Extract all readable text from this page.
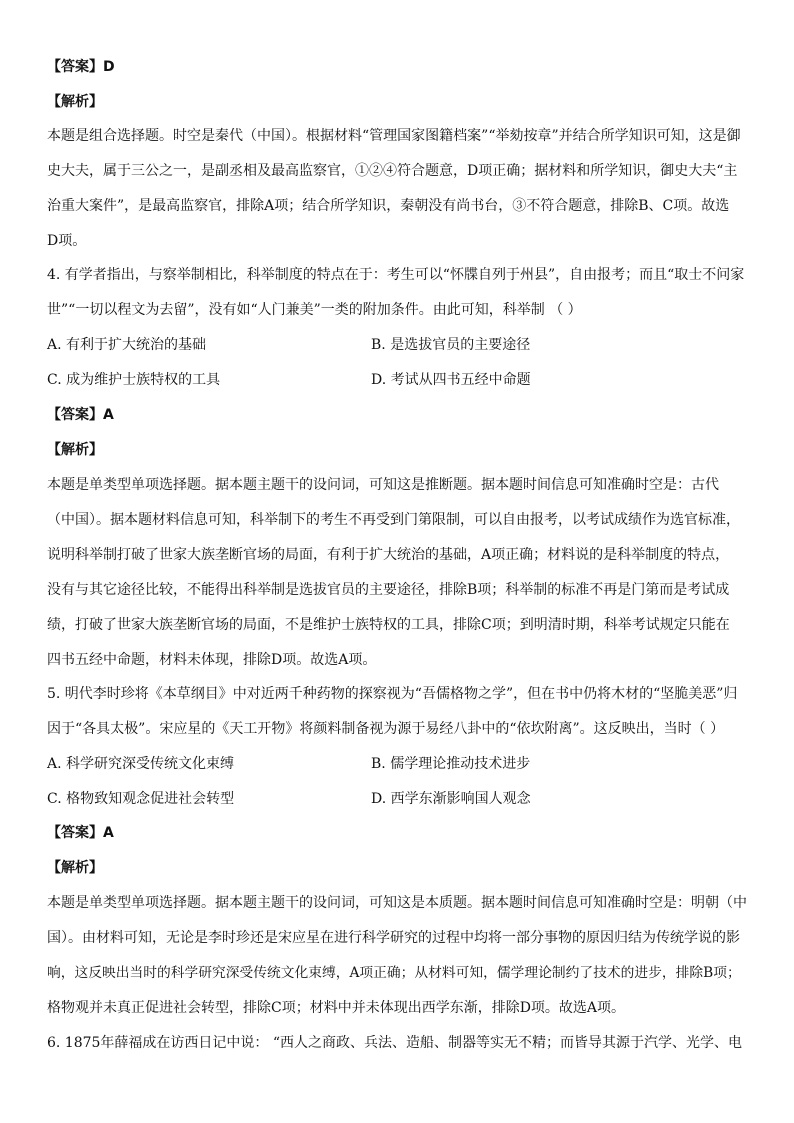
【答案】D
【解析】
本题是组合选择题。时空是秦代（中国）。根据材料“管理国家图籍档案”“举劾按章”并结合所学知识可知，这是御
史大夫，属于三公之一，是副丞相及最高监察官，①②④符合题意，D项正确；据材料和所学知识，御史大夫“主
治重大案件”，是最高监察官，排除A项；结合所学知识，秦朝没有尚书台，③不符合题意，排除B、C项。故选
D项。
4. 有学者指出，与察举制相比，科举制度的特点在于：考生可以“怀牒自列于州县”，自由报考；而且“取士不问家
世”“一切以程文为去留”，没有如“人门兼美”一类的附加条件。由此可知，科举制 （ ）
A. 有利于扩大统治的基础	B. 是选拔官员的主要途径
C. 成为维护士族特权的工具	D. 考试从四书五经中命题
【答案】A
【解析】
本题是单类型单项选择题。据本题主题干的设问词，可知这是推断题。据本题时间信息可知准确时空是：古代
（中国）。据本题材料信息可知，科举制下的考生不再受到门第限制，可以自由报考，以考试成绩作为选官标准，
说明科举制打破了世家大族垄断官场的局面，有利于扩大统治的基础，A项正确；材料说的是科举制度的特点，
没有与其它途径比较，不能得出科举制是选拔官员的主要途径，排除B项；科举制的标准不再是门第而是考试成
绩，打破了世家大族垄断官场的局面，不是维护士族特权的工具，排除C项；到明清时期，科举考试规定只能在
四书五经中命题，材料未体现，排除D项。故选A项。
5. 明代李时珍将《本草纲目》中对近两千种药物的探察视为“吾儒格物之学”，但在书中仍将木材的“坚脆美恶”归
因于“各具太极”。宋应星的《天工开物》将颜料制备视为源于易经八卦中的“依坎附离”。这反映出，当时（ ）
A. 科学研究深受传统文化束缚	B. 儒学理论推动技术进步
C. 格物致知观念促进社会转型	D. 西学东渐影响国人观念
【答案】A
【解析】
本题是单类型单项选择题。据本题主题干的设问词，可知这是本质题。据本题时间信息可知准确时空是：明朝（中
国）。由材料可知，无论是李时珍还是宋应星在进行科学研究的过程中均将一部分事物的原因归结为传统学说的影
响，这反映出当时的科学研究深受传统文化束缚，A项正确；从材料可知，儒学理论制约了技术的进步，排除B项；
格物观并未真正促进社会转型，排除C项；材料中并未体现出西学东渐，排除D项。故选A项。
6. 1875年薛福成在访西日记中说： “西人之商政、兵法、造船、制器等实无不精；而皆导其源于汽学、光学、电
